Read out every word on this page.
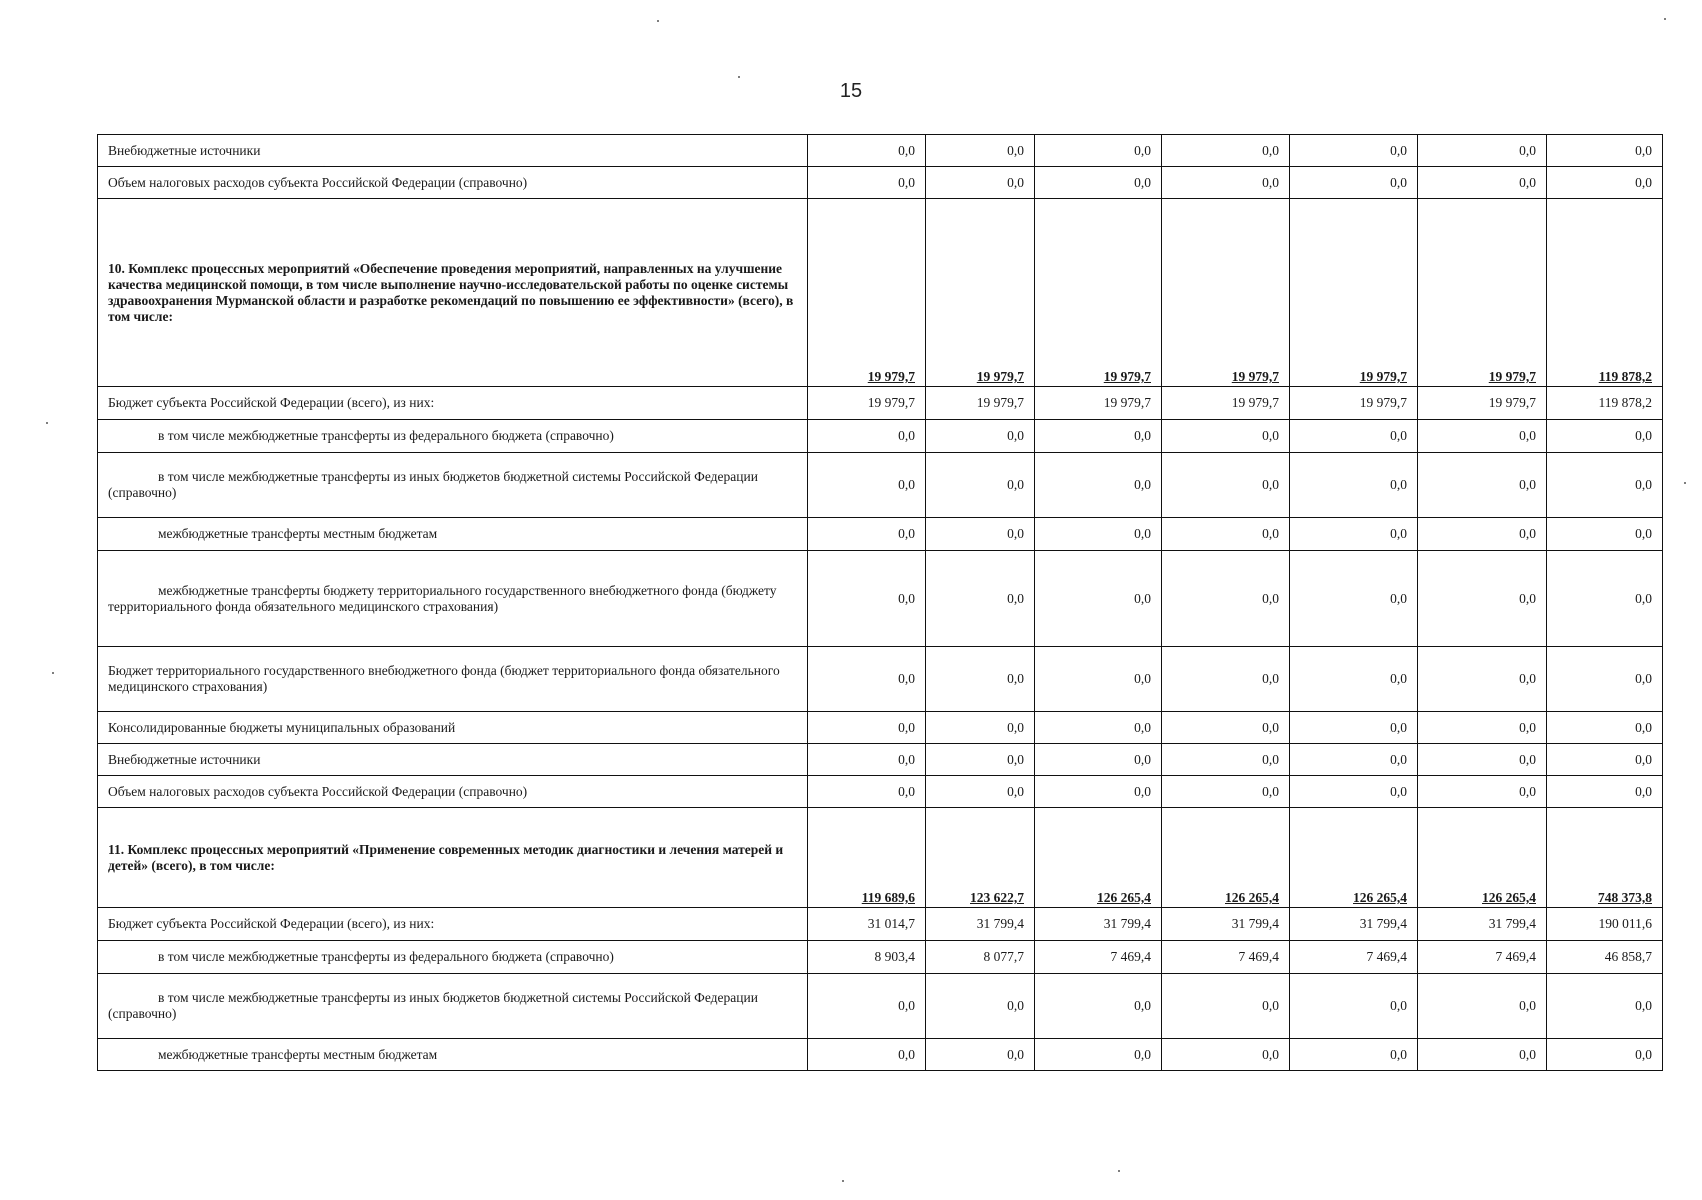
15
Внебюджетные источники	0,0	0,0	0,0	0,0	0,0	0,0	0,0
Объем налоговых расходов субъекта Российской Федерации (справочно)	0,0	0,0	0,0	0,0	0,0	0,0	0,0
10. Комплекс процессных мероприятий «Обеспечение проведения мероприятий, направленных на улучшение качества медицинской помощи, в том числе выполнение научно-исследовательской работы по оценке системы здравоохранения Мурманской области и разработке рекомендаций по повышению ее эффективности» (всего), в том числе:	19 979,7	19 979,7	19 979,7	19 979,7	19 979,7	19 979,7	119 878,2
Бюджет субъекта Российской Федерации (всего), из них:	19 979,7	19 979,7	19 979,7	19 979,7	19 979,7	19 979,7	119 878,2
в том числе межбюджетные трансферты из федерального бюджета (справочно)	0,0	0,0	0,0	0,0	0,0	0,0	0,0
в том числе межбюджетные трансферты из иных бюджетов бюджетной системы Российской Федерации (справочно)	0,0	0,0	0,0	0,0	0,0	0,0	0,0
межбюджетные трансферты местным бюджетам	0,0	0,0	0,0	0,0	0,0	0,0	0,0
межбюджетные трансферты бюджету территориального государственного внебюджетного фонда (бюджету территориального фонда обязательного медицинского страхования)	0,0	0,0	0,0	0,0	0,0	0,0	0,0
Бюджет территориального государственного внебюджетного фонда (бюджет территориального фонда обязательного медицинского страхования)	0,0	0,0	0,0	0,0	0,0	0,0	0,0
Консолидированные бюджеты муниципальных образований	0,0	0,0	0,0	0,0	0,0	0,0	0,0
Внебюджетные источники	0,0	0,0	0,0	0,0	0,0	0,0	0,0
Объем налоговых расходов субъекта Российской Федерации (справочно)	0,0	0,0	0,0	0,0	0,0	0,0	0,0
11. Комплекс процессных мероприятий «Применение современных методик диагностики и лечения матерей и детей» (всего), в том числе:	119 689,6	123 622,7	126 265,4	126 265,4	126 265,4	126 265,4	748 373,8
Бюджет субъекта Российской Федерации (всего), из них:	31 014,7	31 799,4	31 799,4	31 799,4	31 799,4	31 799,4	190 011,6
в том числе межбюджетные трансферты из федерального бюджета (справочно)	8 903,4	8 077,7	7 469,4	7 469,4	7 469,4	7 469,4	46 858,7
в том числе межбюджетные трансферты из иных бюджетов бюджетной системы Российской Федерации (справочно)	0,0	0,0	0,0	0,0	0,0	0,0	0,0
межбюджетные трансферты местным бюджетам	0,0	0,0	0,0	0,0	0,0	0,0	0,0
